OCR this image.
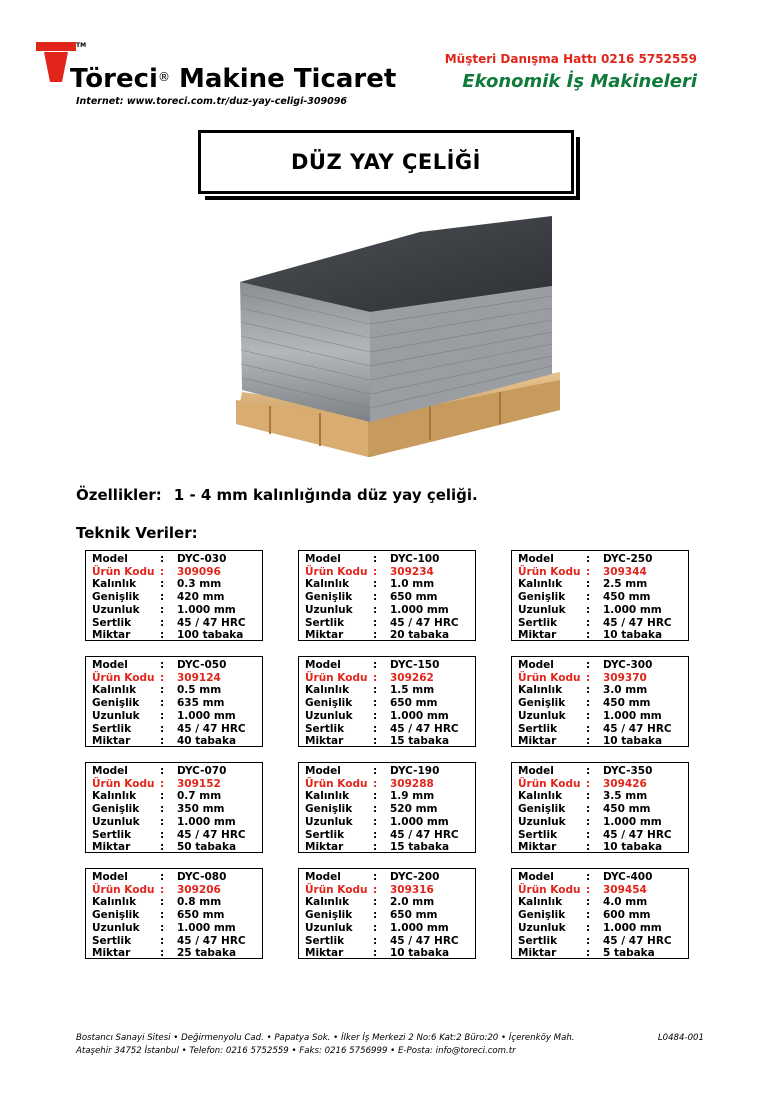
TM
Töreci® Makine Ticaret
Internet: www.toreci.com.tr/duz-yay-celigi-309096
Müşteri Danışma Hattı 0216 5752559
Ekonomik İş Makineleri
DÜZ YAY ÇELİĞİ
Özellikler: 1 - 4 mm kalınlığında düz yay çeliği.
Teknik Veriler:
Model	:	DYC-030
Ürün Kodu :	309096
Kalınlık	:	0.3 mm
Genişlik	:	420 mm
Uzunluk	:	1.000 mm
Sertlik	:	45 / 47 HRC
Miktar	:	100 tabaka
Model	:	DYC-100
Ürün Kodu :	309234
Kalınlık	:	1.0 mm
Genişlik	:	650 mm
Uzunluk	:	1.000 mm
Sertlik	:	45 / 47 HRC
Miktar	:	20 tabaka
Model	:	DYC-250
Ürün Kodu :	309344
Kalınlık	:	2.5 mm
Genişlik	:	450 mm
Uzunluk	:	1.000 mm
Sertlik	:	45 / 47 HRC
Miktar	:	10 tabaka
Model	:	DYC-050
Ürün Kodu :	309124
Kalınlık	:	0.5 mm
Genişlik	:	635 mm
Uzunluk	:	1.000 mm
Sertlik	:	45 / 47 HRC
Miktar	:	40 tabaka
Model	:	DYC-150
Ürün Kodu :	309262
Kalınlık	:	1.5 mm
Genişlik	:	650 mm
Uzunluk	:	1.000 mm
Sertlik	:	45 / 47 HRC
Miktar	:	15 tabaka
Model	:	DYC-300
Ürün Kodu :	309370
Kalınlık	:	3.0 mm
Genişlik	:	450 mm
Uzunluk	:	1.000 mm
Sertlik	:	45 / 47 HRC
Miktar	:	10 tabaka
Model	:	DYC-070
Ürün Kodu :	309152
Kalınlık	:	0.7 mm
Genişlik	:	350 mm
Uzunluk	:	1.000 mm
Sertlik	:	45 / 47 HRC
Miktar	:	50 tabaka
Model	:	DYC-190
Ürün Kodu :	309288
Kalınlık	:	1.9 mm
Genişlik	:	520 mm
Uzunluk	:	1.000 mm
Sertlik	:	45 / 47 HRC
Miktar	:	15 tabaka
Model	:	DYC-350
Ürün Kodu :	309426
Kalınlık	:	3.5 mm
Genişlik	:	450 mm
Uzunluk	:	1.000 mm
Sertlik	:	45 / 47 HRC
Miktar	:	10 tabaka
Model	:	DYC-080
Ürün Kodu :	309206
Kalınlık	:	0.8 mm
Genişlik	:	650 mm
Uzunluk	:	1.000 mm
Sertlik	:	45 / 47 HRC
Miktar	:	25 tabaka
Model	:	DYC-200
Ürün Kodu :	309316
Kalınlık	:	2.0 mm
Genişlik	:	650 mm
Uzunluk	:	1.000 mm
Sertlik	:	45 / 47 HRC
Miktar	:	10 tabaka
Model	:	DYC-400
Ürün Kodu :	309454
Kalınlık	:	4.0 mm
Genişlik	:	600 mm
Uzunluk	:	1.000 mm
Sertlik	:	45 / 47 HRC
Miktar	:	5 tabaka
Bostancı Sanayi Sitesi • Değirmenyolu Cad. • Papatya Sok. • İlker İş Merkezi 2 No:6 Kat:2 Büro:20 • İçerenköy Mah.
Ataşehir 34752 İstanbul • Telefon: 0216 5752559 • Faks: 0216 5756999 • E-Posta: info@toreci.com.tr
L0484-001
